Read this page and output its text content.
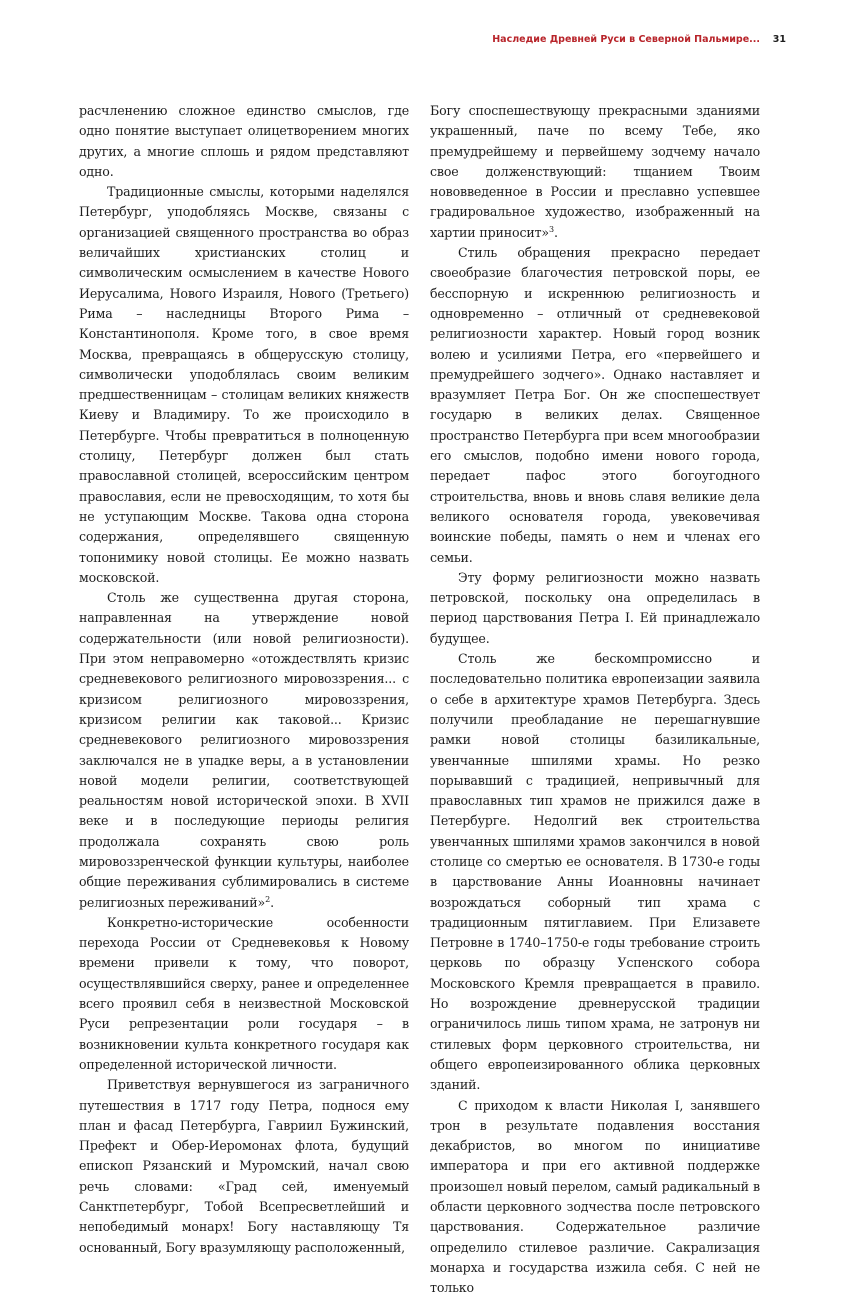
Наследие Древней Руси в Северной Пальмире... 31

расчленению сложное единство смыслов, где одно понятие выступает олицетворением многих других, а многие сплошь и рядом представляют одно.

Традиционные смыслы, которыми наделялся Петербург, уподобляясь Москве, связаны с организацией священного пространства во образ величайших христианских столиц и символическим осмыслением в качестве Нового Иерусалима, Нового Израиля, Нового (Третьего) Рима – наследницы Второго Рима – Константинополя. Кроме того, в свое время Москва, превращаясь в общерусскую столицу, символически уподоблялась своим великим предшественницам – столицам великих княжеств Киеву и Владимиру. То же происходило в Петербурге. Чтобы превратиться в полноценную столицу, Петербург должен был стать православной столицей, всероссийским центром православия, если не превосходящим, то хотя бы не уступающим Москве. Такова одна сторона содержания, определявшего священную топонимику новой столицы. Ее можно назвать московской.

Столь же существенна другая сторона, направленная на утверждение новой содержательности (или новой религиозности). При этом неправомерно «отождествлять кризис средневекового религиозного мировоззрения... с кризисом религиозного мировоззрения, кризисом религии как таковой... Кризис средневекового религиозного мировоззрения заключался не в упадке веры, а в установлении новой модели религии, соответствующей реальностям новой исторической эпохи. В XVII веке и в последующие периоды религия продолжала сохранять свою роль мировоззренческой функции культуры, наиболее общие переживания сублимировались в системе религиозных переживаний»$^2$.

Конкретно-исторические особенности перехода России от Средневековья к Новому времени привели к тому, что поворот, осуществлявшийся сверху, ранее и определеннее всего проявил себя в неизвестной Московской Руси репрезентации роли государя – в возникновении культа конкретного государя как определенной исторической личности.

Приветствуя вернувшегося из заграничного путешествия в 1717 году Петра, поднося ему план и фасад Петербурга, Гавриил Бужинский, Префект и Обер-Иеромонах флота, будущий епископ Рязанский и Муромский, начал свою речь словами: «Град сей, именуемый Санктпетербург, Тобой Всепресветлейший и непобедимый монарх! Богу наставляющу Тя основанный, Богу вразумляющу расположенный,

Богу споспешествующу прекрасными зданиями украшенный, паче по всему Тебе, яко премудрейшему и первейшему зодчему начало свое долженствующий: тщанием Твоим нововведенное в России и преславно успевшее градировальное художество, изображенный на хартии приносит»$^3$.

Стиль обращения прекрасно передает своеобразие благочестия петровской поры, ее бесспорную и искреннюю религиозность и одновременно – отличный от средневековой религиозности характер. Новый город возник волею и усилиями Петра, его «первейшего и премудрейшего зодчего». Однако наставляет и вразумляет Петра Бог. Он же споспешествует государю в великих делах. Священное пространство Петербурга при всем многообразии его смыслов, подобно имени нового города, передает пафос этого богоугодного строительства, вновь и вновь славя великие дела великого основателя города, увековечивая воинские победы, память о нем и членах его семьи.

Эту форму религиозности можно назвать петровской, поскольку она определилась в период царствования Петра I. Ей принадлежало будущее.

Столь же бескомпромиссно и последовательно политика европеизации заявила о себе в архитектуре храмов Петербурга. Здесь получили преобладание не перешагнувшие рамки новой столицы базиликальные, увенчанные шпилями храмы. Но резко порывавший с традицией, непривычный для православных тип храмов не прижился даже в Петербурге. Недолгий век строительства увенчанных шпилями храмов закончился в новой столице со смертью ее основателя. В 1730-е годы в царствование Анны Иоанновны начинает возрождаться соборный тип храма с традиционным пятиглавием. При Елизавете Петровне в 1740–1750-е годы требование строить церковь по образцу Успенского собора Московского Кремля превращается в правило. Но возрождение древнерусской традиции ограничилось лишь типом храма, не затронув ни стилевых форм церковного строительства, ни общего европеизированного облика церковных зданий.

С приходом к власти Николая I, занявшего трон в результате подавления восстания декабристов, во многом по инициативе императора и при его активной поддержке произошел новый перелом, самый радикальный в области церковного зодчества после петровского царствования. Содержательное различие определило стилевое различие. Сакрализация монарха и государства изжила себя. С ней не только
